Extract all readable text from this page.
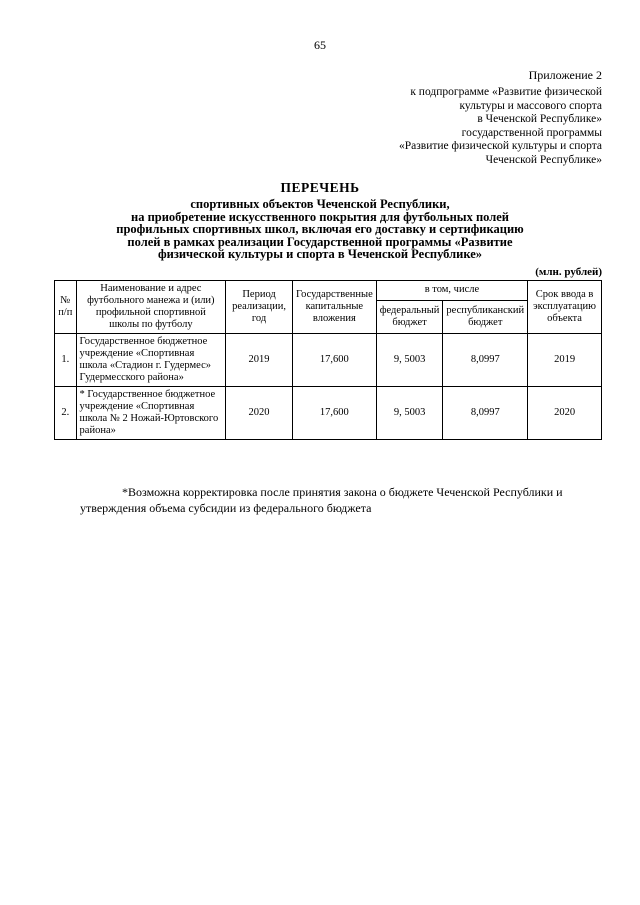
65
Приложение 2
к подпрограмме «Развитие физической
культуры и массового спорта
в Чеченской Республике»
государственной программы
«Развитие физической культуры и спорта
Чеченской Республике»
ПЕРЕЧЕНЬ
спортивных объектов Чеченской Республики,
на приобретение искусственного покрытия для футбольных полей
профильных спортивных школ, включая его доставку и сертификацию
полей в рамках реализации Государственной программы «Развитие
физической культуры и спорта в Чеченской Республике»
(млн. рублей)
№ п/п	Наименование и адрес футбольного манежа и (или) профильной спортивной школы по футболу	Период реализации, год	Государственные капитальные вложения	в том, числе		Срок ввода в эксплуатацию объекта
				федеральный бюджет	республиканский бюджет	
1.	Государственное бюджетное учреждение «Спортивная школа «Стадион г. Гудермес» Гудермесского района»	2019	17,600	9, 5003	8,0997	2019
2.	* Государственное бюджетное учреждение «Спортивная школа № 2 Ножай-Юртовского района»	2020	17,600	9, 5003	8,0997	2020
*Возможна корректировка после принятия закона о бюджете Чеченской Республики и утверждения объема субсидии из федерального бюджета
